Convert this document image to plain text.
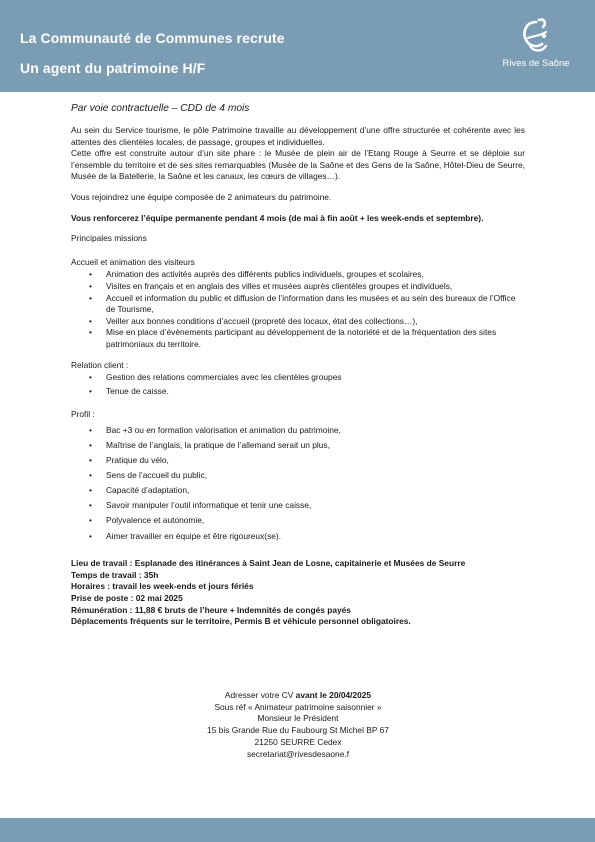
La Communauté de Communes recrute
Un agent du patrimoine H/F	Rives de Saône

Par voie contractuelle – CDD de 4 mois

Au sein du Service tourisme, le pôle Patrimoine travaille au développement d’une offre structurée et cohérente avec les attentes des clientèles locales, de passage, groupes et individuelles.

Cette offre est construite autour d’un site phare : le Musée de plein air de l’Etang Rouge à Seurre et se déploie sur l’ensemble du territoire et de ses sites remarquables (Musée de la Saône et des Gens de la Saône, Hôtel-Dieu de Seurre, Musée de la Batellerie, la Saône et les canaux, les cœurs de villages…).

Vous rejoindrez une équipe composée de 2 animateurs du patrimoine.

Vous renforcerez l’équipe permanente pendant 4 mois (de mai à fin août + les week-ends et septembre).

Principales missions

Accueil et animation des visiteurs

• Animation des activités auprès des différents publics individuels, groupes et scolaires,
• Visites en français et en anglais des villes et musées auprès clientèles groupes et individuels,
• Accueil et information du public et diffusion de l’information dans les musées et au sein des bureaux de l’Office de Tourisme,
• Veiller aux bonnes conditions d’accueil (propreté des locaux, état des collections…),
• Mise en place d’évènements participant au développement de la notoriété et de la fréquentation des sites patrimoniaux du territoire.

Relation client :

• Gestion des relations commerciales avec les clientèles groupes
• Tenue de caisse.

Profil :

• Bac +3 ou en formation valorisation et animation du patrimoine,
• Maîtrise de l’anglais, la pratique de l’allemand serait un plus,
• Pratique du vélo,
• Sens de l’accueil du public,
• Capacité d’adaptation,
• Savoir manipuler l’outil informatique et tenir une caisse,
• Polyvalence et autonomie,
• Aimer travailler en équipe et être rigoureux(se).

Lieu de travail : Esplanade des itinérances à Saint Jean de Losne, capitainerie et Musées de Seurre

Temps de travail : 35h

Horaires : travail les week-ends et jours fériés

Prise de poste : 02 mai 2025

Rémunération : 11,88 € bruts de l’heure + Indemnités de congés payés

Déplacements fréquents sur le territoire, Permis B et véhicule personnel obligatoires.

Adresser votre CV avant le 20/04/2025

Sous réf « Animateur patrimoine saisonnier »

Monsieur le Président

15 bis Grande Rue du Faubourg St Michel BP 67

21250 SEURRE Cedex

secretariat@rivesdesaone.f
